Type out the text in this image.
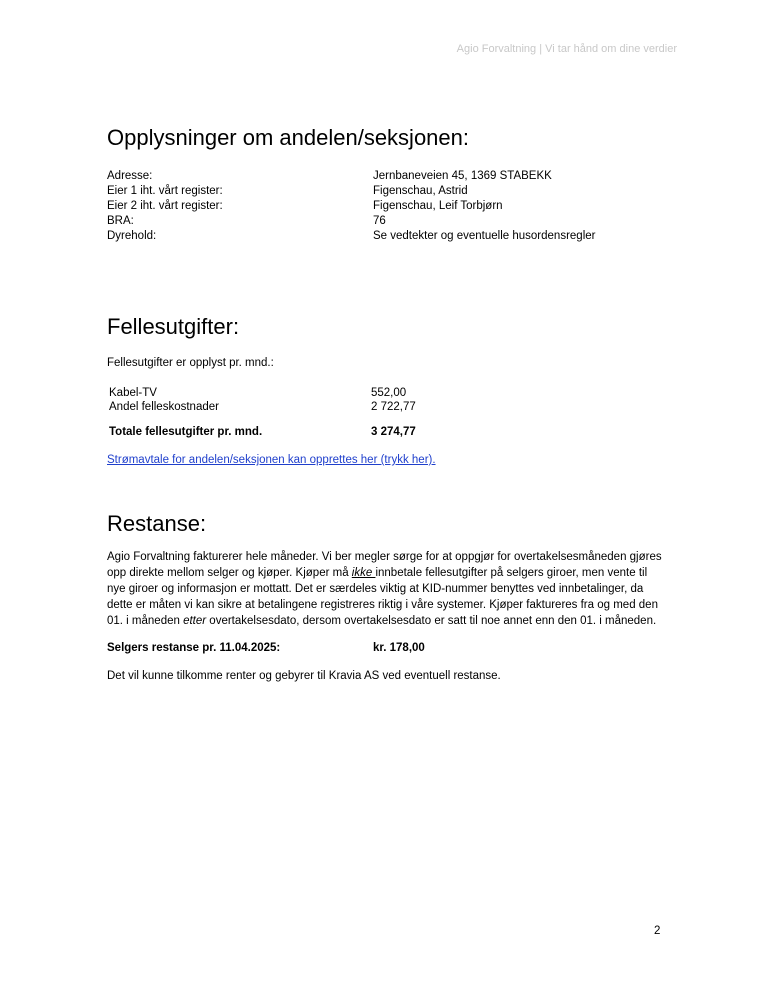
Agio Forvaltning | Vi tar hånd om dine verdier
Opplysninger om andelen/seksjonen:
Adresse:	Jernbaneveien 45, 1369 STABEKK
Eier 1 iht. vårt register:	Figenschau, Astrid
Eier 2 iht. vårt register:	Figenschau, Leif Torbjørn
BRA:	76
Dyrehold:	Se vedtekter og eventuelle husordensregler
Fellesutgifter:

Fellesutgifter er opplyst pr. mnd.:

Kabel-TV	552,00
Andel felleskostnader	2 722,77
Totale fellesutgifter pr. mnd.	3 274,77
Strømavtale for andelen/seksjonen kan opprettes her (trykk her).
Restanse:

Agio Forvaltning fakturerer hele måneder. Vi ber megler sørge for at oppgjør for overtakelsesmåneden gjøres opp direkte mellom selger og kjøper. Kjøper må ikke innbetale fellesutgifter på selgers giroer, men vente til nye giroer og informasjon er mottatt. Det er særdeles viktig at KID-nummer benyttes ved innbetalinger, da dette er måten vi kan sikre at betalingene registreres riktig i våre systemer. Kjøper faktureres fra og med den 01. i måneden etter overtakelsesdato, dersom overtakelsesdato er satt til noe annet enn den 01. i måneden.

Selgers restanse pr. 11.04.2025:	kr. 178,00

Det vil kunne tilkomme renter og gebyrer til Kravia AS ved eventuell restanse.

2
